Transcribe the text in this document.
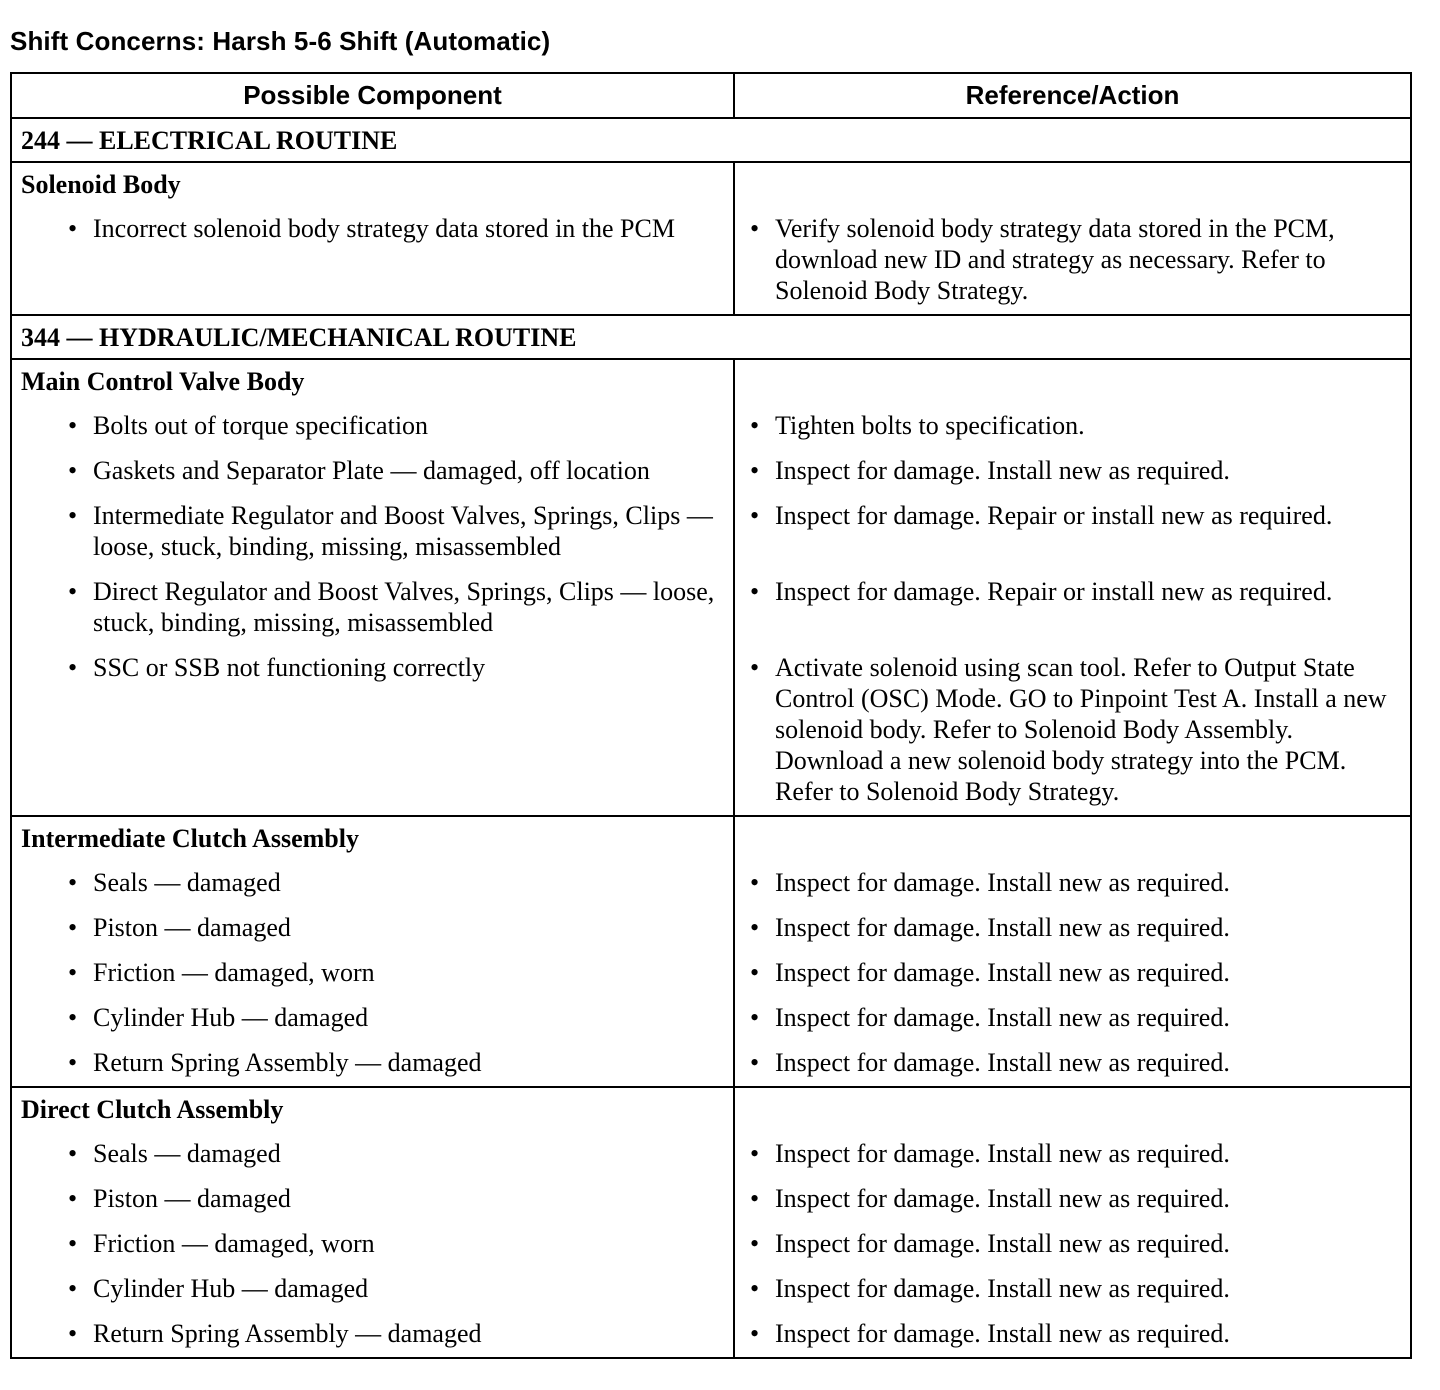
Shift Concerns: Harsh 5-6 Shift (Automatic)
Possible Component	Reference/Action
244 — ELECTRICAL ROUTINE	
Solenoid Body	

• Incorrect solenoid body strategy data stored in the PCM	• Verify solenoid body strategy data stored in the PCM, download new ID and strategy as necessary. Refer to Solenoid Body Strategy.

344 — HYDRAULIC/MECHANICAL ROUTINE	
Main Control Valve Body	

• Bolts out of torque specification	• Tighten bolts to specification.

• Gaskets and Separator Plate — damaged, off location	• Inspect for damage. Install new as required.

• Intermediate Regulator and Boost Valves, Springs, Clips — loose, stuck, binding, missing, misassembled	• Inspect for damage. Repair or install new as required.

• Direct Regulator and Boost Valves, Springs, Clips — loose, stuck, binding, missing, misassembled	• Inspect for damage. Repair or install new as required.

• SSC or SSB not functioning correctly	• Activate solenoid using scan tool. Refer to Output State Control (OSC) Mode. GO to Pinpoint Test A. Install a new solenoid body. Refer to Solenoid Body Assembly. Download a new solenoid body strategy into the PCM. Refer to Solenoid Body Strategy.

Intermediate Clutch Assembly	

• Seals — damaged	• Inspect for damage. Install new as required.

• Piston — damaged	• Inspect for damage. Install new as required.

• Friction — damaged, worn	• Inspect for damage. Install new as required.

• Cylinder Hub — damaged	• Inspect for damage. Install new as required.

• Return Spring Assembly — damaged	• Inspect for damage. Install new as required.

Direct Clutch Assembly	

• Seals — damaged	• Inspect for damage. Install new as required.

• Piston — damaged	• Inspect for damage. Install new as required.

• Friction — damaged, worn	• Inspect for damage. Install new as required.

• Cylinder Hub — damaged	• Inspect for damage. Install new as required.

• Return Spring Assembly — damaged	• Inspect for damage. Install new as required.
